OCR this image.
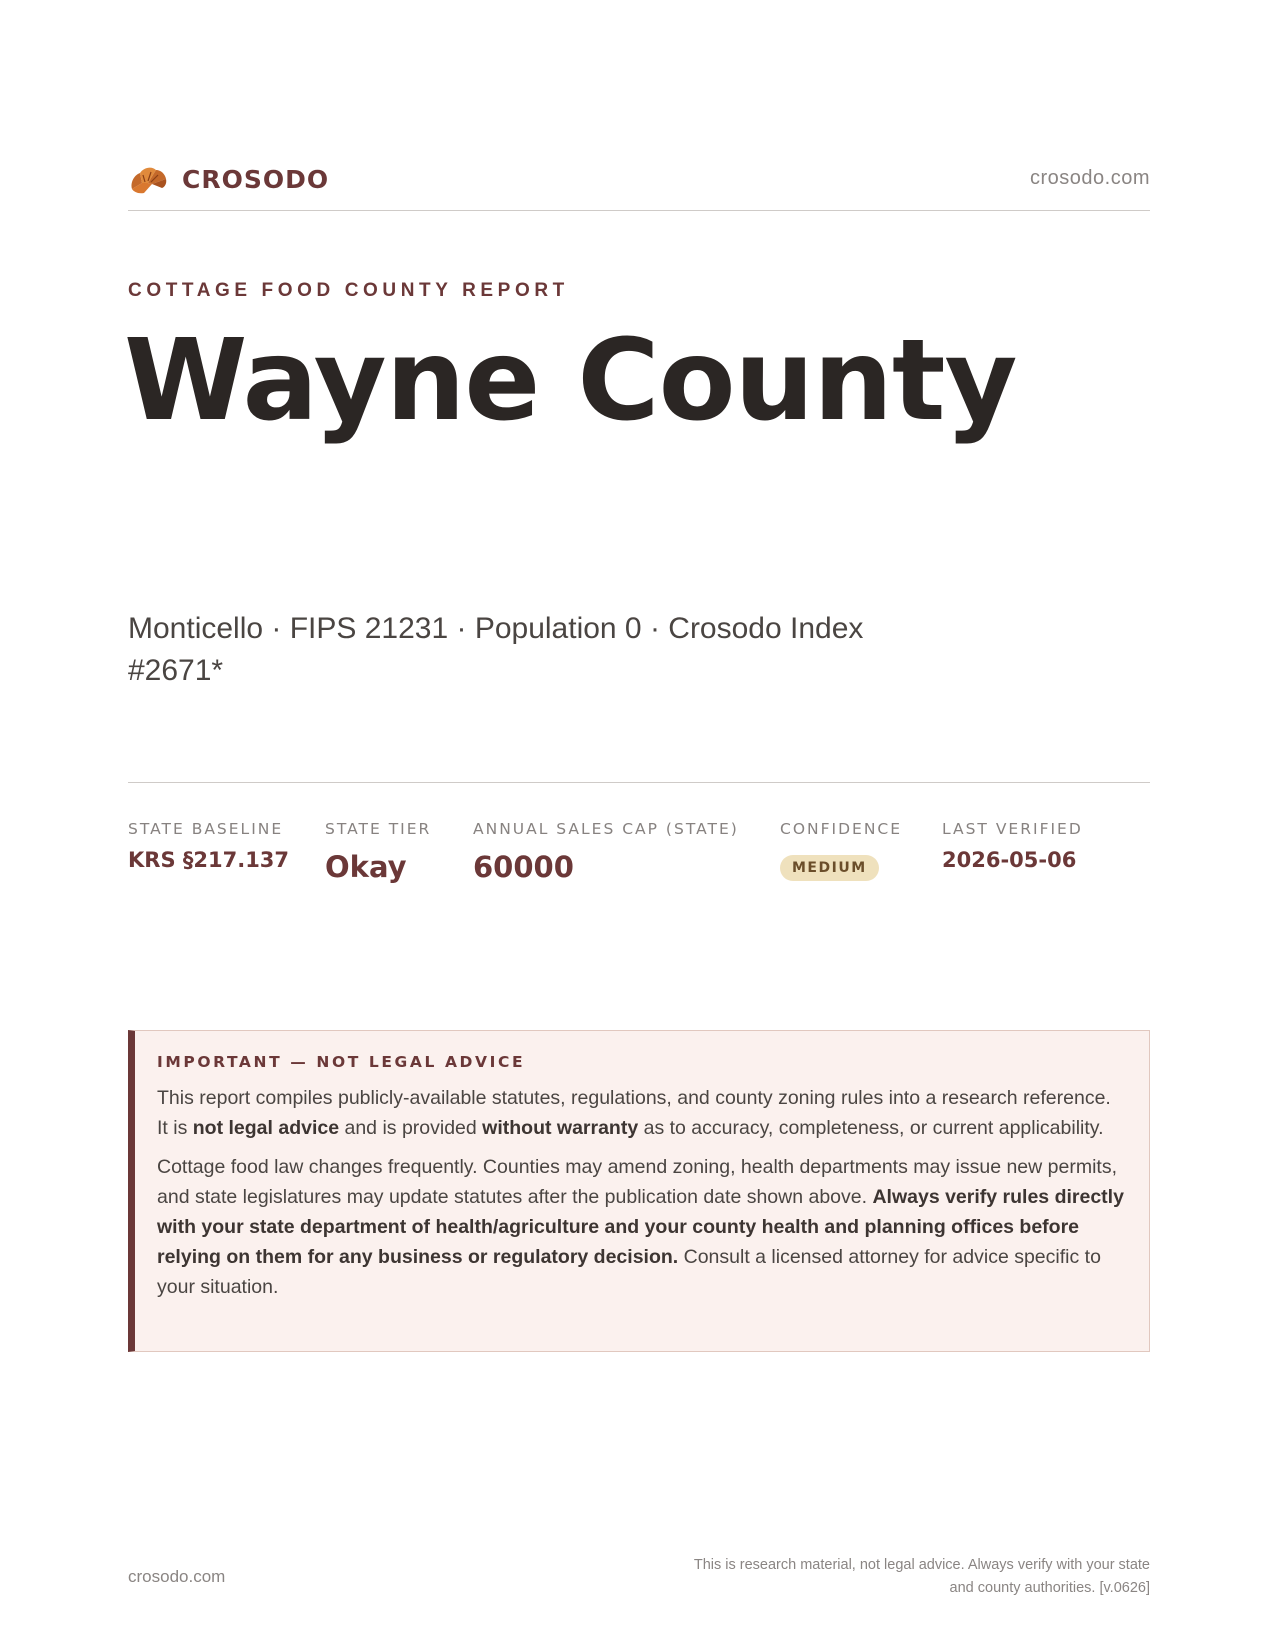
CROSODO	crosodo.com
COTTAGE FOOD COUNTY REPORT
Wayne County
Monticello · FIPS 21231 · Population 0 · Crosodo Index #2671*
STATE BASELINE
KRS §217.137
STATE TIER
Okay
ANNUAL SALES CAP (STATE)
60000
CONFIDENCE
MEDIUM
LAST VERIFIED
2026-05-06
IMPORTANT — NOT LEGAL ADVICE

This report compiles publicly-available statutes, regulations, and county zoning rules into a research reference. It is not legal advice and is provided without warranty as to accuracy, completeness, or current applicability.

Cottage food law changes frequently. Counties may amend zoning, health departments may issue new permits, and state legislatures may update statutes after the publication date shown above. Always verify rules directly with your state department of health/agriculture and your county health and planning offices before relying on them for any business or regulatory decision. Consult a licensed attorney for advice specific to your situation.

crosodo.com
This is research material, not legal advice. Always verify with your state
and county authorities. [v.0626]
